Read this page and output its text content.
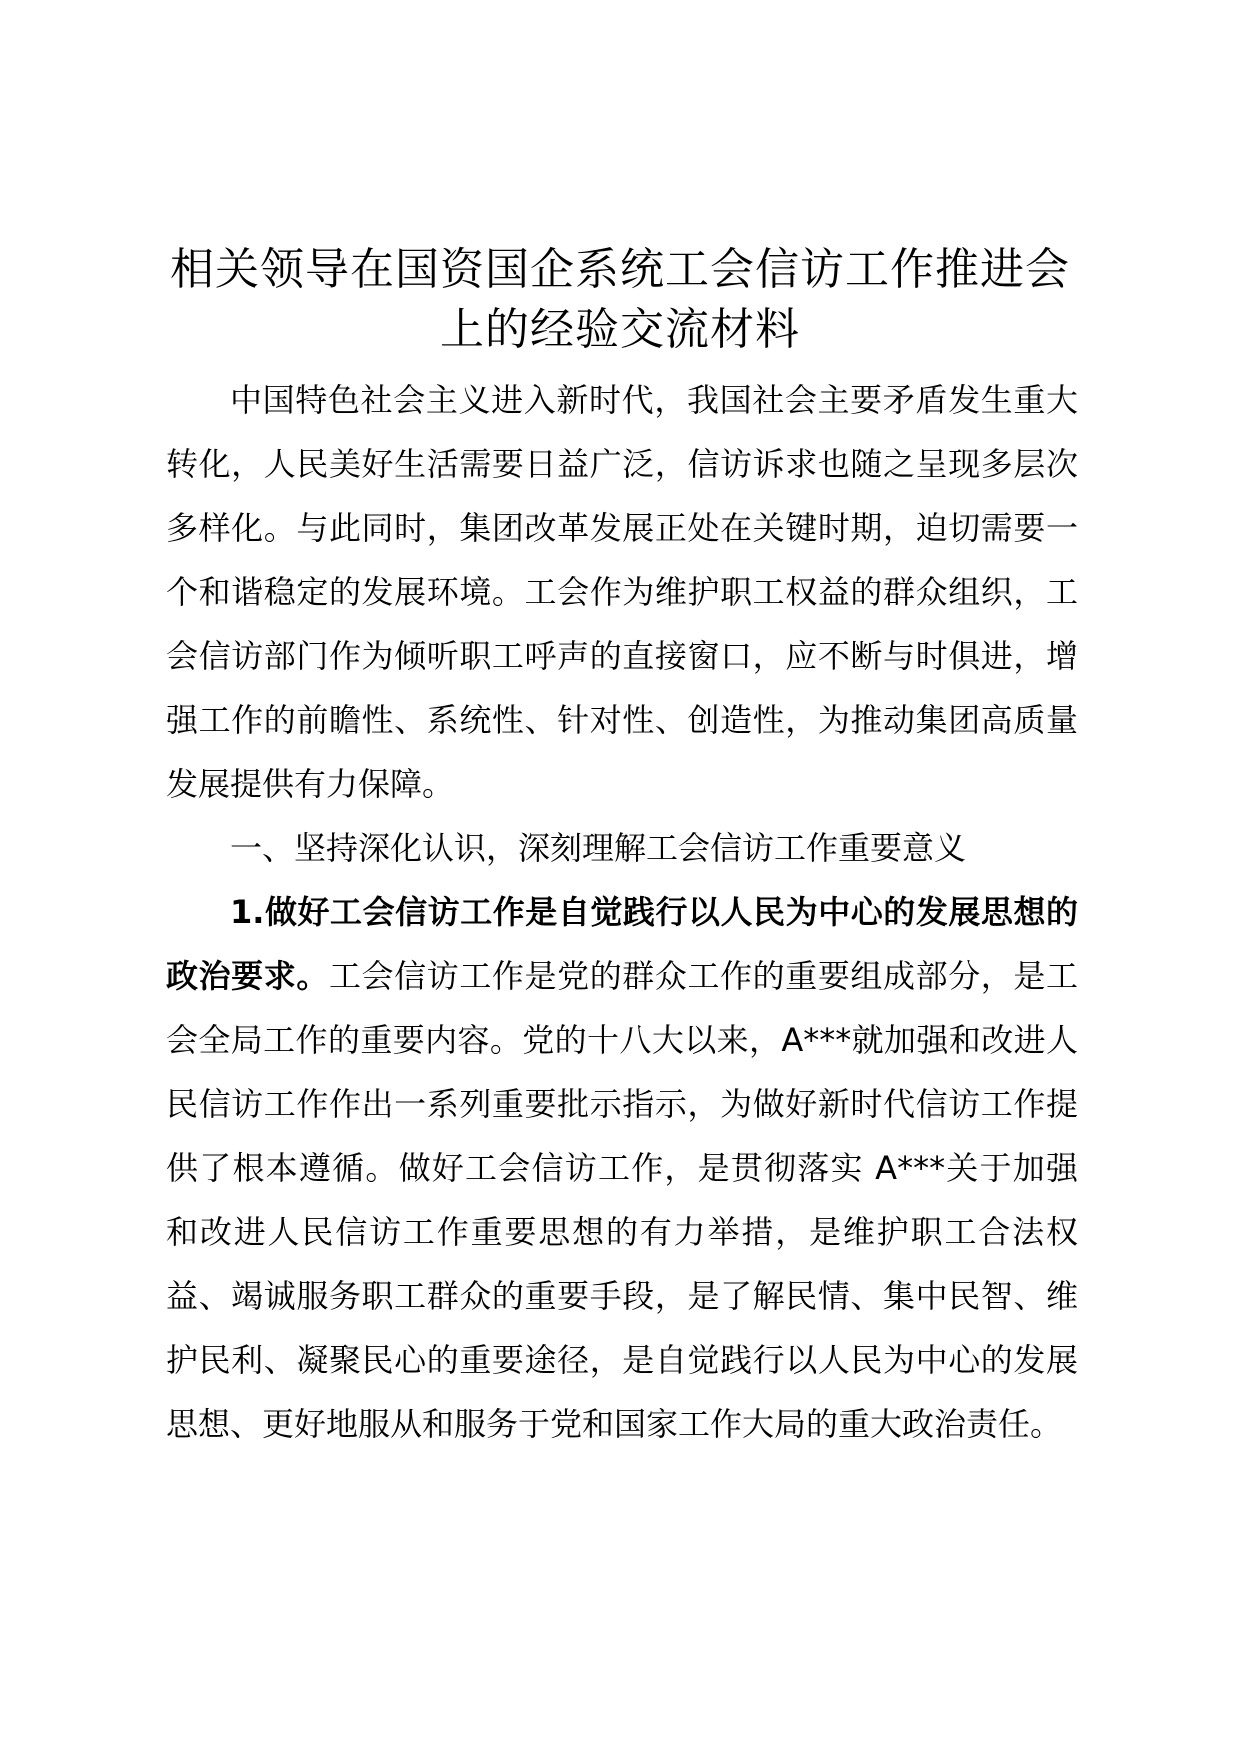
相关领导在国资国企系统工会信访工作推进会
上的经验交流材料

中国特色社会主义进入新时代，我国社会主要矛盾发生重大转化，人民美好生活需要日益广泛，信访诉求也随之呈现多层次多样化。与此同时，集团改革发展正处在关键时期，迫切需要一个和谐稳定的发展环境。工会作为维护职工权益的群众组织，工会信访部门作为倾听职工呼声的直接窗口，应不断与时俱进，增强工作的前瞻性、系统性、针对性、创造性，为推动集团高质量发展提供有力保障。

一、坚持深化认识，深刻理解工会信访工作重要意义

1.做好工会信访工作是自觉践行以人民为中心的发展思想的政治要求。工会信访工作是党的群众工作的重要组成部分，是工会全局工作的重要内容。党的十八大以来，A***就加强和改进人民信访工作作出一系列重要批示指示，为做好新时代信访工作提供了根本遵循。做好工会信访工作，是贯彻落实 A***关于加强和改进人民信访工作重要思想的有力举措，是维护职工合法权益、竭诚服务职工群众的重要手段，是了解民情、集中民智、维护民利、凝聚民心的重要途径，是自觉践行以人民为中心的发展思想、更好地服从和服务于党和国家工作大局的重大政治责任。
